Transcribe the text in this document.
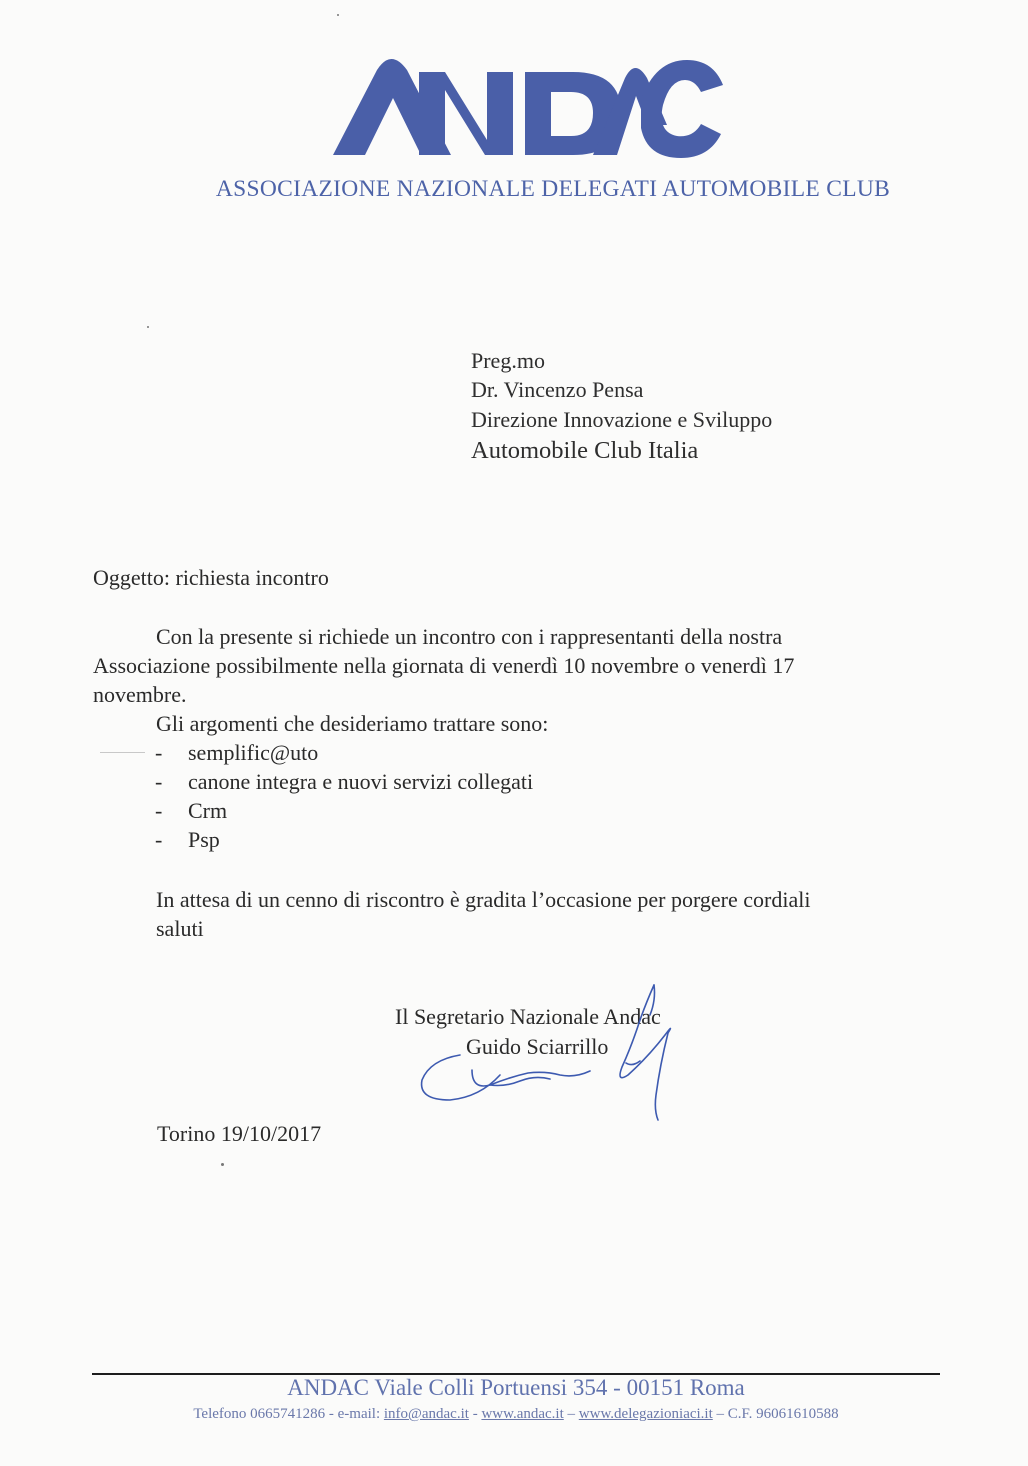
ASSOCIAZIONE NAZIONALE DELEGATI AUTOMOBILE CLUB
Preg.mo
Dr. Vincenzo Pensa
Direzione Innovazione e Sviluppo
Automobile Club Italia
Oggetto: richiesta incontro
Con la presente si richiede un incontro con i rappresentanti della nostra
Associazione possibilmente nella giornata di venerdì 10 novembre o venerdì 17
novembre.
Gli argomenti che desideriamo trattare sono:
- semplific@uto
- canone integra e nuovi servizi collegati
- Crm
- Psp
In attesa di un cenno di riscontro è gradita l’occasione per porgere cordiali
saluti
Il Segretario Nazionale Andac
Guido Sciarrillo
Torino 19/10/2017
ANDAC Viale Colli Portuensi 354 - 00151 Roma
Telefono 0665741286 - e-mail: info@andac.it - www.andac.it – www.delegazioniaci.it – C.F. 96061610588
